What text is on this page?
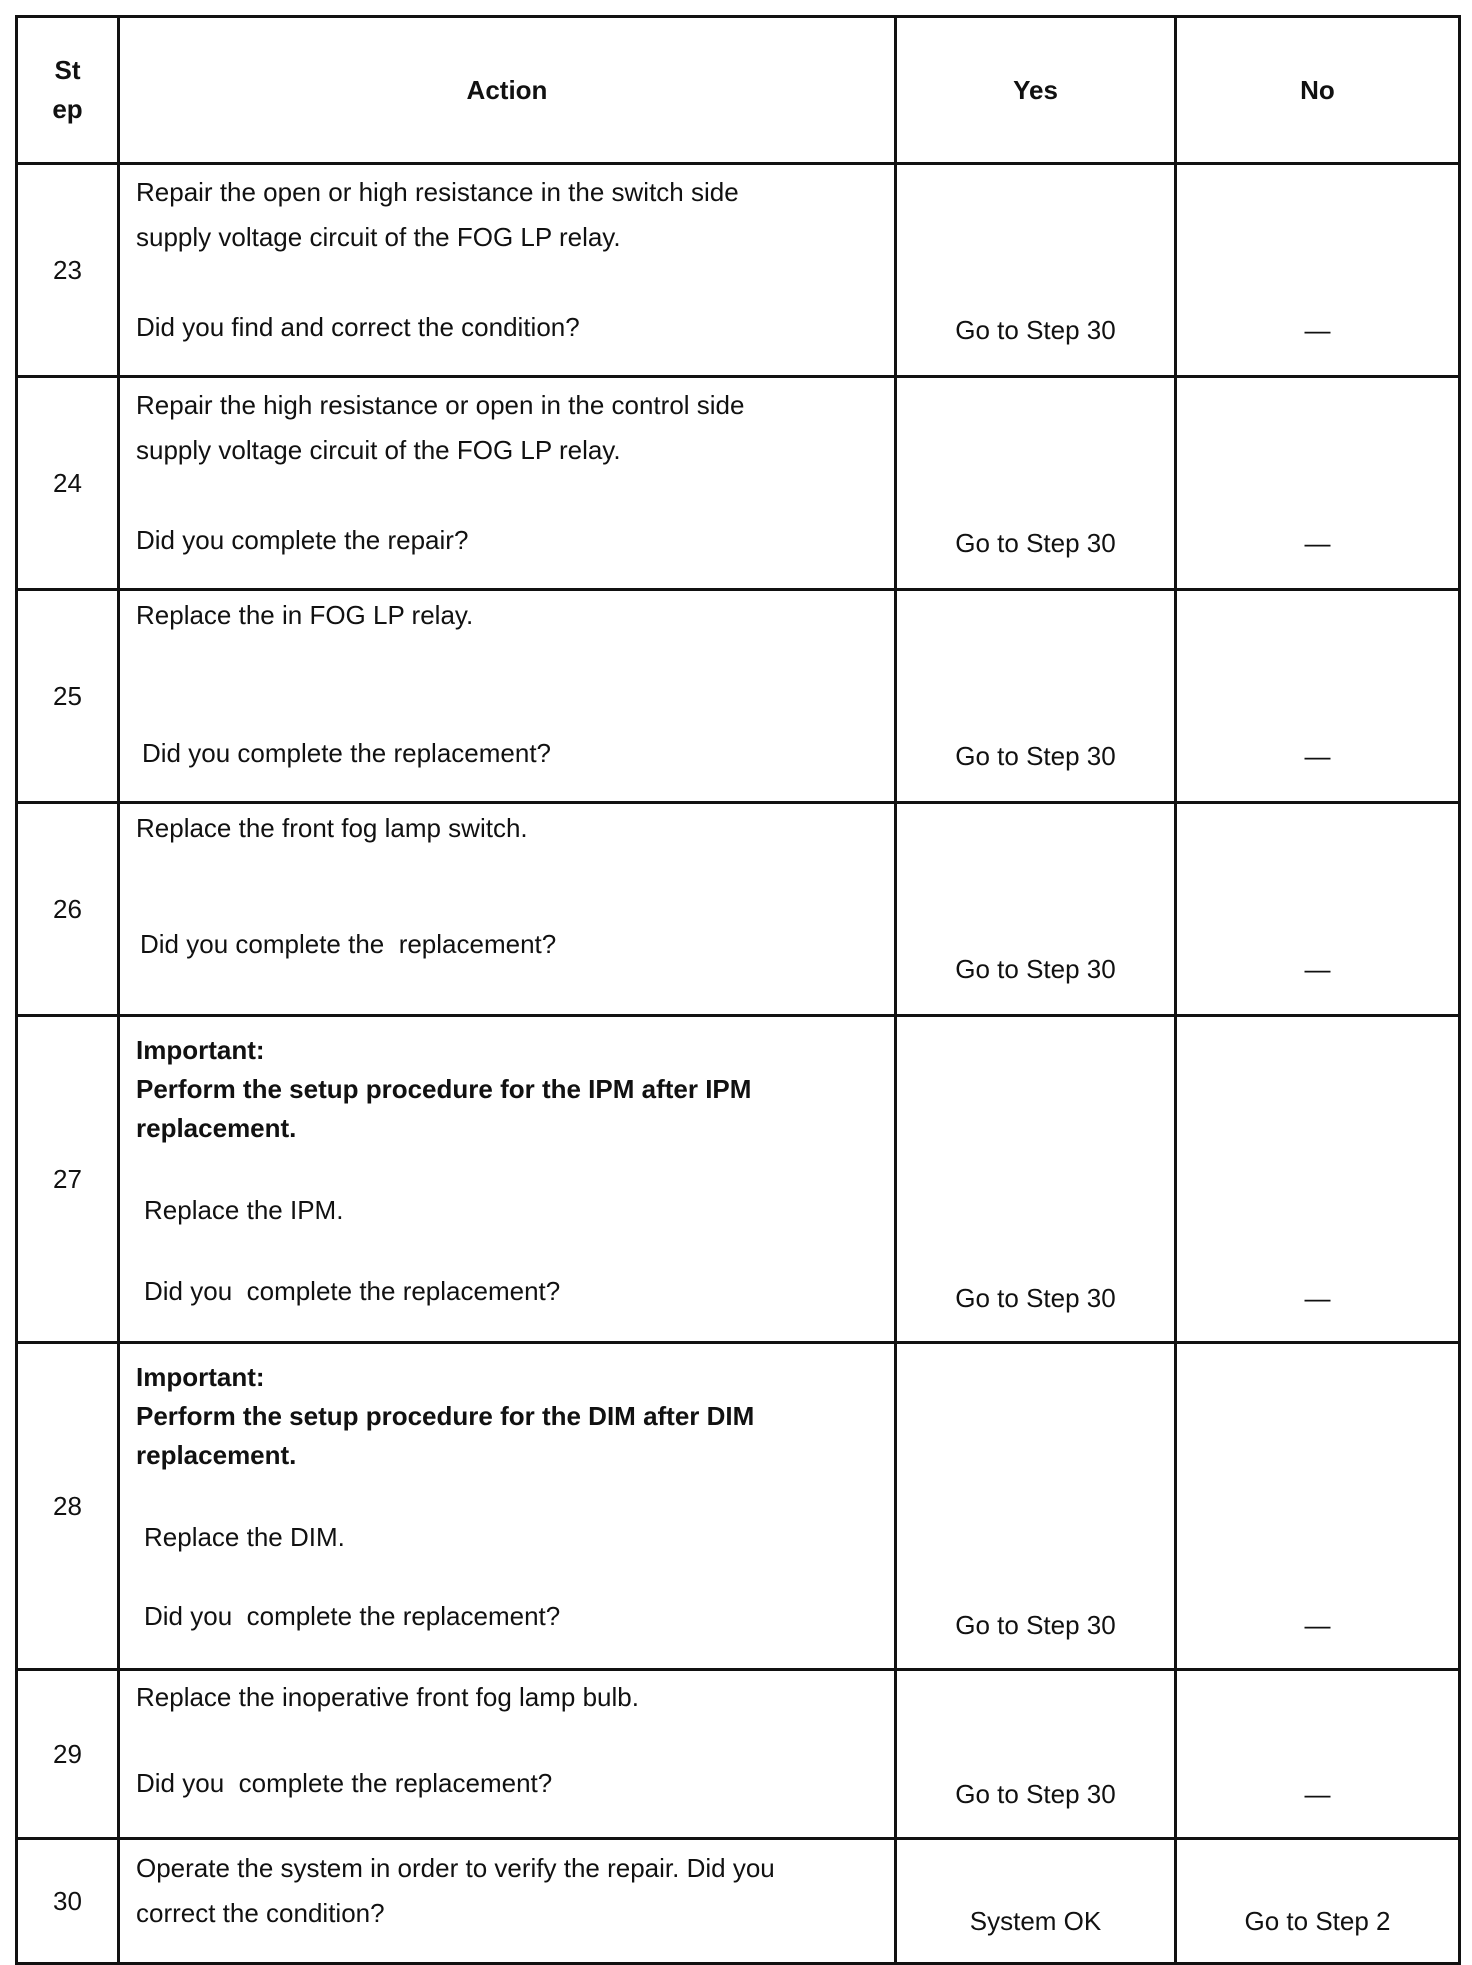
St
ep	Action	Yes	No
23	Repair the open or high resistance in the switch side
supply voltage circuit of the FOG LP relay.
Did you find and correct the condition?	Go to Step 30	—

24	Repair the high resistance or open in the control side
supply voltage circuit of the FOG LP relay.
Did you complete the repair?	Go to Step 30	—

25	Replace the in FOG LP relay.
Did you complete the replacement?	Go to Step 30	—

26	Replace the front fog lamp switch.
Did you complete the  replacement?	Go to Step 30	—

27	Important:
Perform the setup procedure for the IPM after IPM
replacement.
Replace the IPM.
Did you  complete the replacement?	Go to Step 30	—

28	Important:
Perform the setup procedure for the DIM after DIM
replacement.
Replace the DIM.
Did you  complete the replacement?	Go to Step 30	—

29	Replace the inoperative front fog lamp bulb.
Did you  complete the replacement?	Go to Step 30	—

30	Operate the system in order to verify the repair. Did you
correct the condition?	System OK	Go to Step 2
